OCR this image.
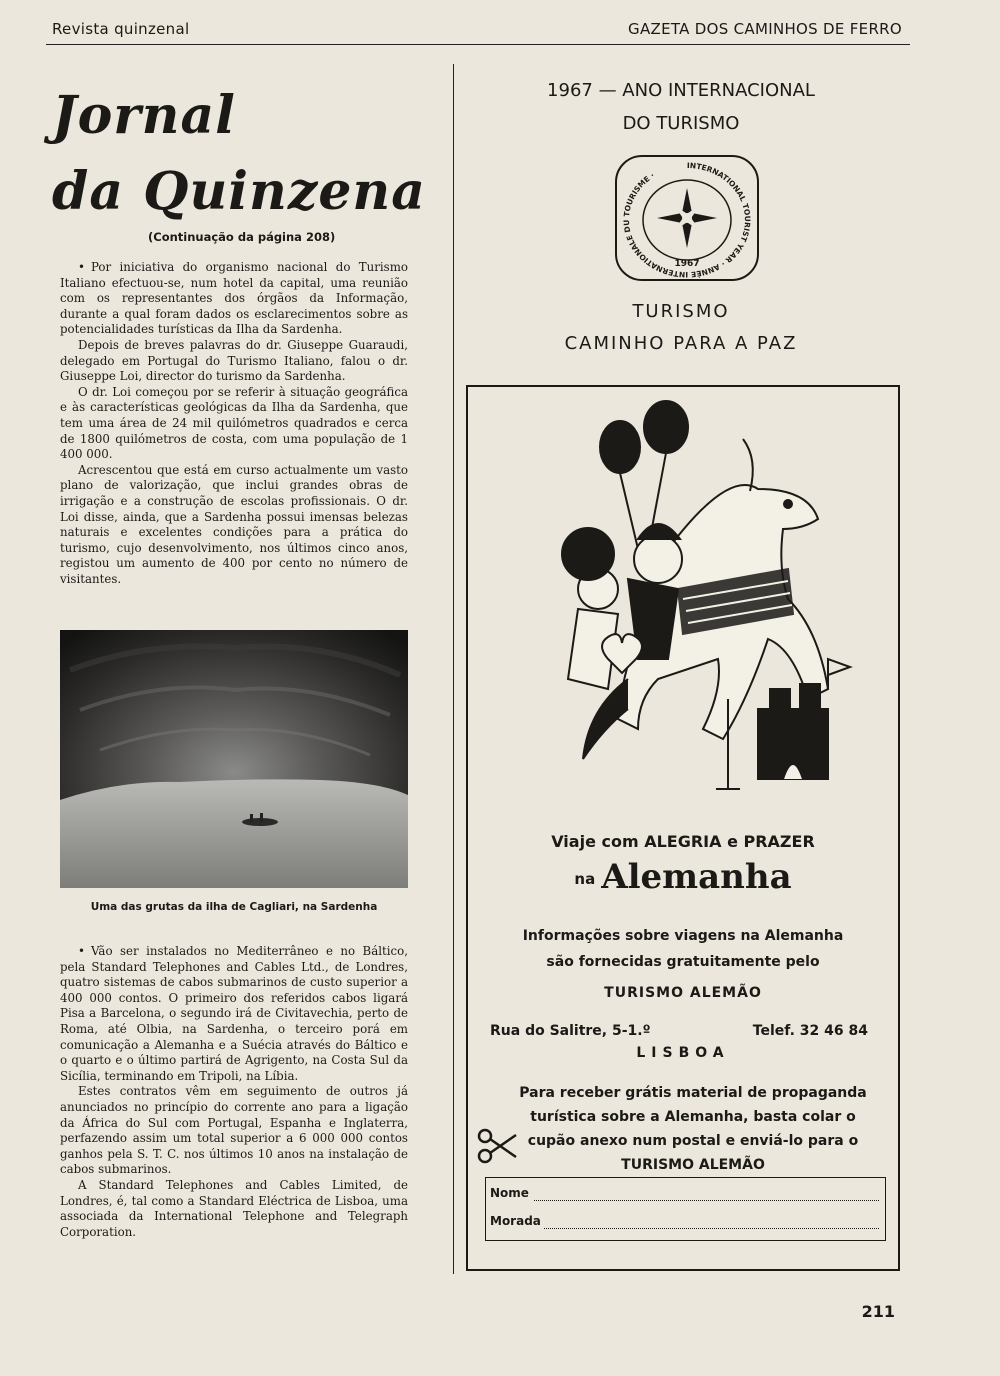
Revista quinzenal	GAZETA DOS CAMINHOS DE FERRO
Jornal
da Quinzena
(Continuação da página 208)

• Por iniciativa do organismo nacional do Turismo Italiano efectuou-se, num hotel da capital, uma reunião com os representantes dos órgãos da Informação, durante a qual foram dados os esclarecimentos sobre as potencialidades turísticas da Ilha da Sardenha.

Depois de breves palavras do dr. Giuseppe Guaraudi, delegado em Portugal do Turismo Italiano, falou o dr. Giuseppe Loi, director do turismo da Sardenha.

O dr. Loi começou por se referir à situação geográfica e às características geológicas da Ilha da Sardenha, que tem uma área de 24 mil quilómetros quadrados e cerca de 1800 quilómetros de costa, com uma população de 1 400 000.

Acrescentou que está em curso actualmente um vasto plano de valorização, que inclui grandes obras de irrigação e a construção de escolas profissionais. O dr. Loi disse, ainda, que a Sardenha possui imensas belezas naturais e excelentes condições para a prática do turismo, cujo desenvolvimento, nos últimos cinco anos, registou um aumento de 400 por cento no número de visitantes.

Uma das grutas da ilha de Cagliari, na Sardenha

• Vão ser instalados no Mediterrâneo e no Báltico, pela Standard Telephones and Cables Ltd., de Londres, quatro sistemas de cabos submarinos de custo superior a 400 000 contos. O primeiro dos referidos cabos ligará Pisa a Barcelona, o segundo irá de Civitavechia, perto de Roma, até Olbia, na Sardenha, o terceiro porá em comunicação a Alemanha e a Suécia através do Báltico e o quarto e o último partirá de Agrigento, na Costa Sul da Sicília, terminando em Tripoli, na Líbia.

Estes contratos vêm em seguimento de outros já anunciados no princípio do corrente ano para a ligação da África do Sul com Portugal, Espanha e Inglaterra, perfazendo assim um total superior a 6 000 000 contos ganhos pela S. T. C. nos últimos 10 anos na instalação de cabos submarinos.

A Standard Telephones and Cables Limited, de Londres, é, tal como a Standard Eléctrica de Lisboa, uma associada da International Telephone and Telegraph Corporation.

1967 — ANO INTERNACIONAL
DO TURISMO
INTERNATIONAL TOURIST YEAR · ANNÉE INTERNATIONALE DU TOURISME ·
1967
TURISMO
CAMINHO PARA A PAZ
Viaje com ALEGRIA e PRAZER
na Alemanha
Informações sobre viagens na Alemanha
são fornecidas gratuitamente pelo
TURISMO ALEMÃO
Rua do Salitre, 5-1.º	Telef. 32 46 84
LISBOA
Para receber grátis material de propaganda
turística sobre a Alemanha, basta colar o
cupão anexo num postal e enviá-lo para o
TURISMO ALEMÃO
Nome
Morada
211
